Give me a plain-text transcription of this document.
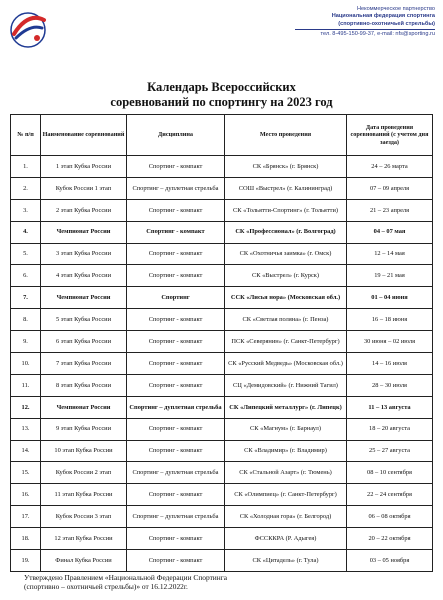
Некоммерческое партнерство
Национальная федерация спортинга
(спортивно-охотничьей стрельбы)
тел. 8-495-150-99-37, e-mail: nfs@sporting.ru
Календарь Всероссийских
соревнований по спортингу на 2023 год
№ п/п	Наименование соревнований	Дисциплина	Место проведения	Дата проведения соревнований (с учетом дня заезда)
1.	1 этап Кубка России	Спортинг - компакт	СК «Брянск» (г. Брянск)	24 – 26 марта
2.	Кубок России 1 этап	Спортинг – дуплетная стрельба	СОШ «Выстрел» (г. Калининград)	07 – 09 апреля
3.	2 этап Кубка России	Спортинг - компакт	СК «Тольятти-Спортинг» (г. Тольятти)	21 – 23 апреля
4.	Чемпионат России	Спортинг - компакт	СК «Профессионал» (г. Волгоград)	04 – 07 мая
5.	3 этап Кубка России	Спортинг - компакт	СК «Охотничья заимка» (г. Омск)	12 – 14 мая
6.	4 этап Кубка России	Спортинг - компакт	СК «Выстрел» (г. Курск)	19 – 21 мая
7.	Чемпионат России	Спортинг	ССК «Лисья нора» (Московская обл.)	01 – 04 июня
8.	5 этап Кубка России	Спортинг - компакт	СК «Светлая поляна» (г. Пенза)	16 – 18 июня
9.	6 этап Кубка России	Спортинг - компакт	ПСК «Северянин» (г. Санкт-Петербург)	30 июня – 02 июля
10.	7 этап Кубка России	Спортинг - компакт	СК «Русский Медведь» (Московская обл.)	14 – 16 июля
11.	8 этап Кубка России	Спортинг - компакт	СЦ «Демидовский» (г. Нижний Тагил)	28 – 30 июля
12.	Чемпионат России	Спортинг – дуплетная стрельба	СК «Липецкий металлург» (г. Липецк)	11 – 13 августа
13.	9 этап Кубка России	Спортинг - компакт	СК «Магнум» (г. Барнаул)	18 – 20 августа
14.	10 этап Кубка России	Спортинг - компакт	СК «Владимир» (г. Владимир)	25 – 27 августа
15.	Кубок России 2 этап	Спортинг – дуплетная стрельба	СК «Стальной Азарт» (г. Тюмень)	08 – 10 сентября
16.	11 этап Кубка России	Спортинг - компакт	СК «Олимпиец» (г. Санкт-Петербург)	22 – 24 сентября
17.	Кубок России 3 этап	Спортинг – дуплетная стрельба	СК «Холодная гора» (г. Белгород)	06 – 08 октября
18.	12 этап Кубка России	Спортинг - компакт	ФССККРА (Р. Адыгея)	20 – 22 октября
19.	Финал Кубка России	Спортинг - компакт	СК «Цитадель» (г. Тула)	03 – 05 ноября
Утверждено Правлением «Национальной Федерации Спортинга
(спортивно – охотничьей стрельбы)» от 16.12.2022г.
